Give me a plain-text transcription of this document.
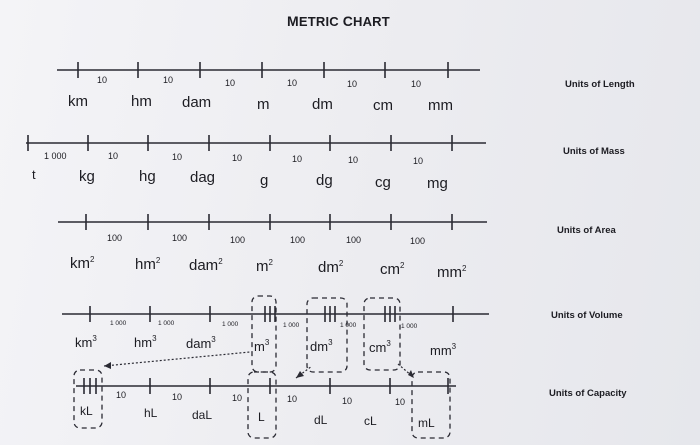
METRIC CHART
Units of Length
Units of Mass
Units of Area
Units of Volume
Units of Capacity
10	10	10	10	10	10
km	hm dam	m	dm	cm mm
1 000	10	10	10	10	10	10
t	kg	hg dag	g	dg	cg mg
100	100	100	100	100	100
$km^2$	$hm^2$ dam$^2$ $m^2$	$dm^2$ $cm^2$ $mm^2$
1 000	1 000	1 000	1 000	1 000	1 000
$km^3$	$hm^3$ dam$^3$	$m^3$	$dm^3$	$cm^3$	$mm^3$
10	10	10	10	10	10
kL	hL	daL	L	dL	cL	mL
